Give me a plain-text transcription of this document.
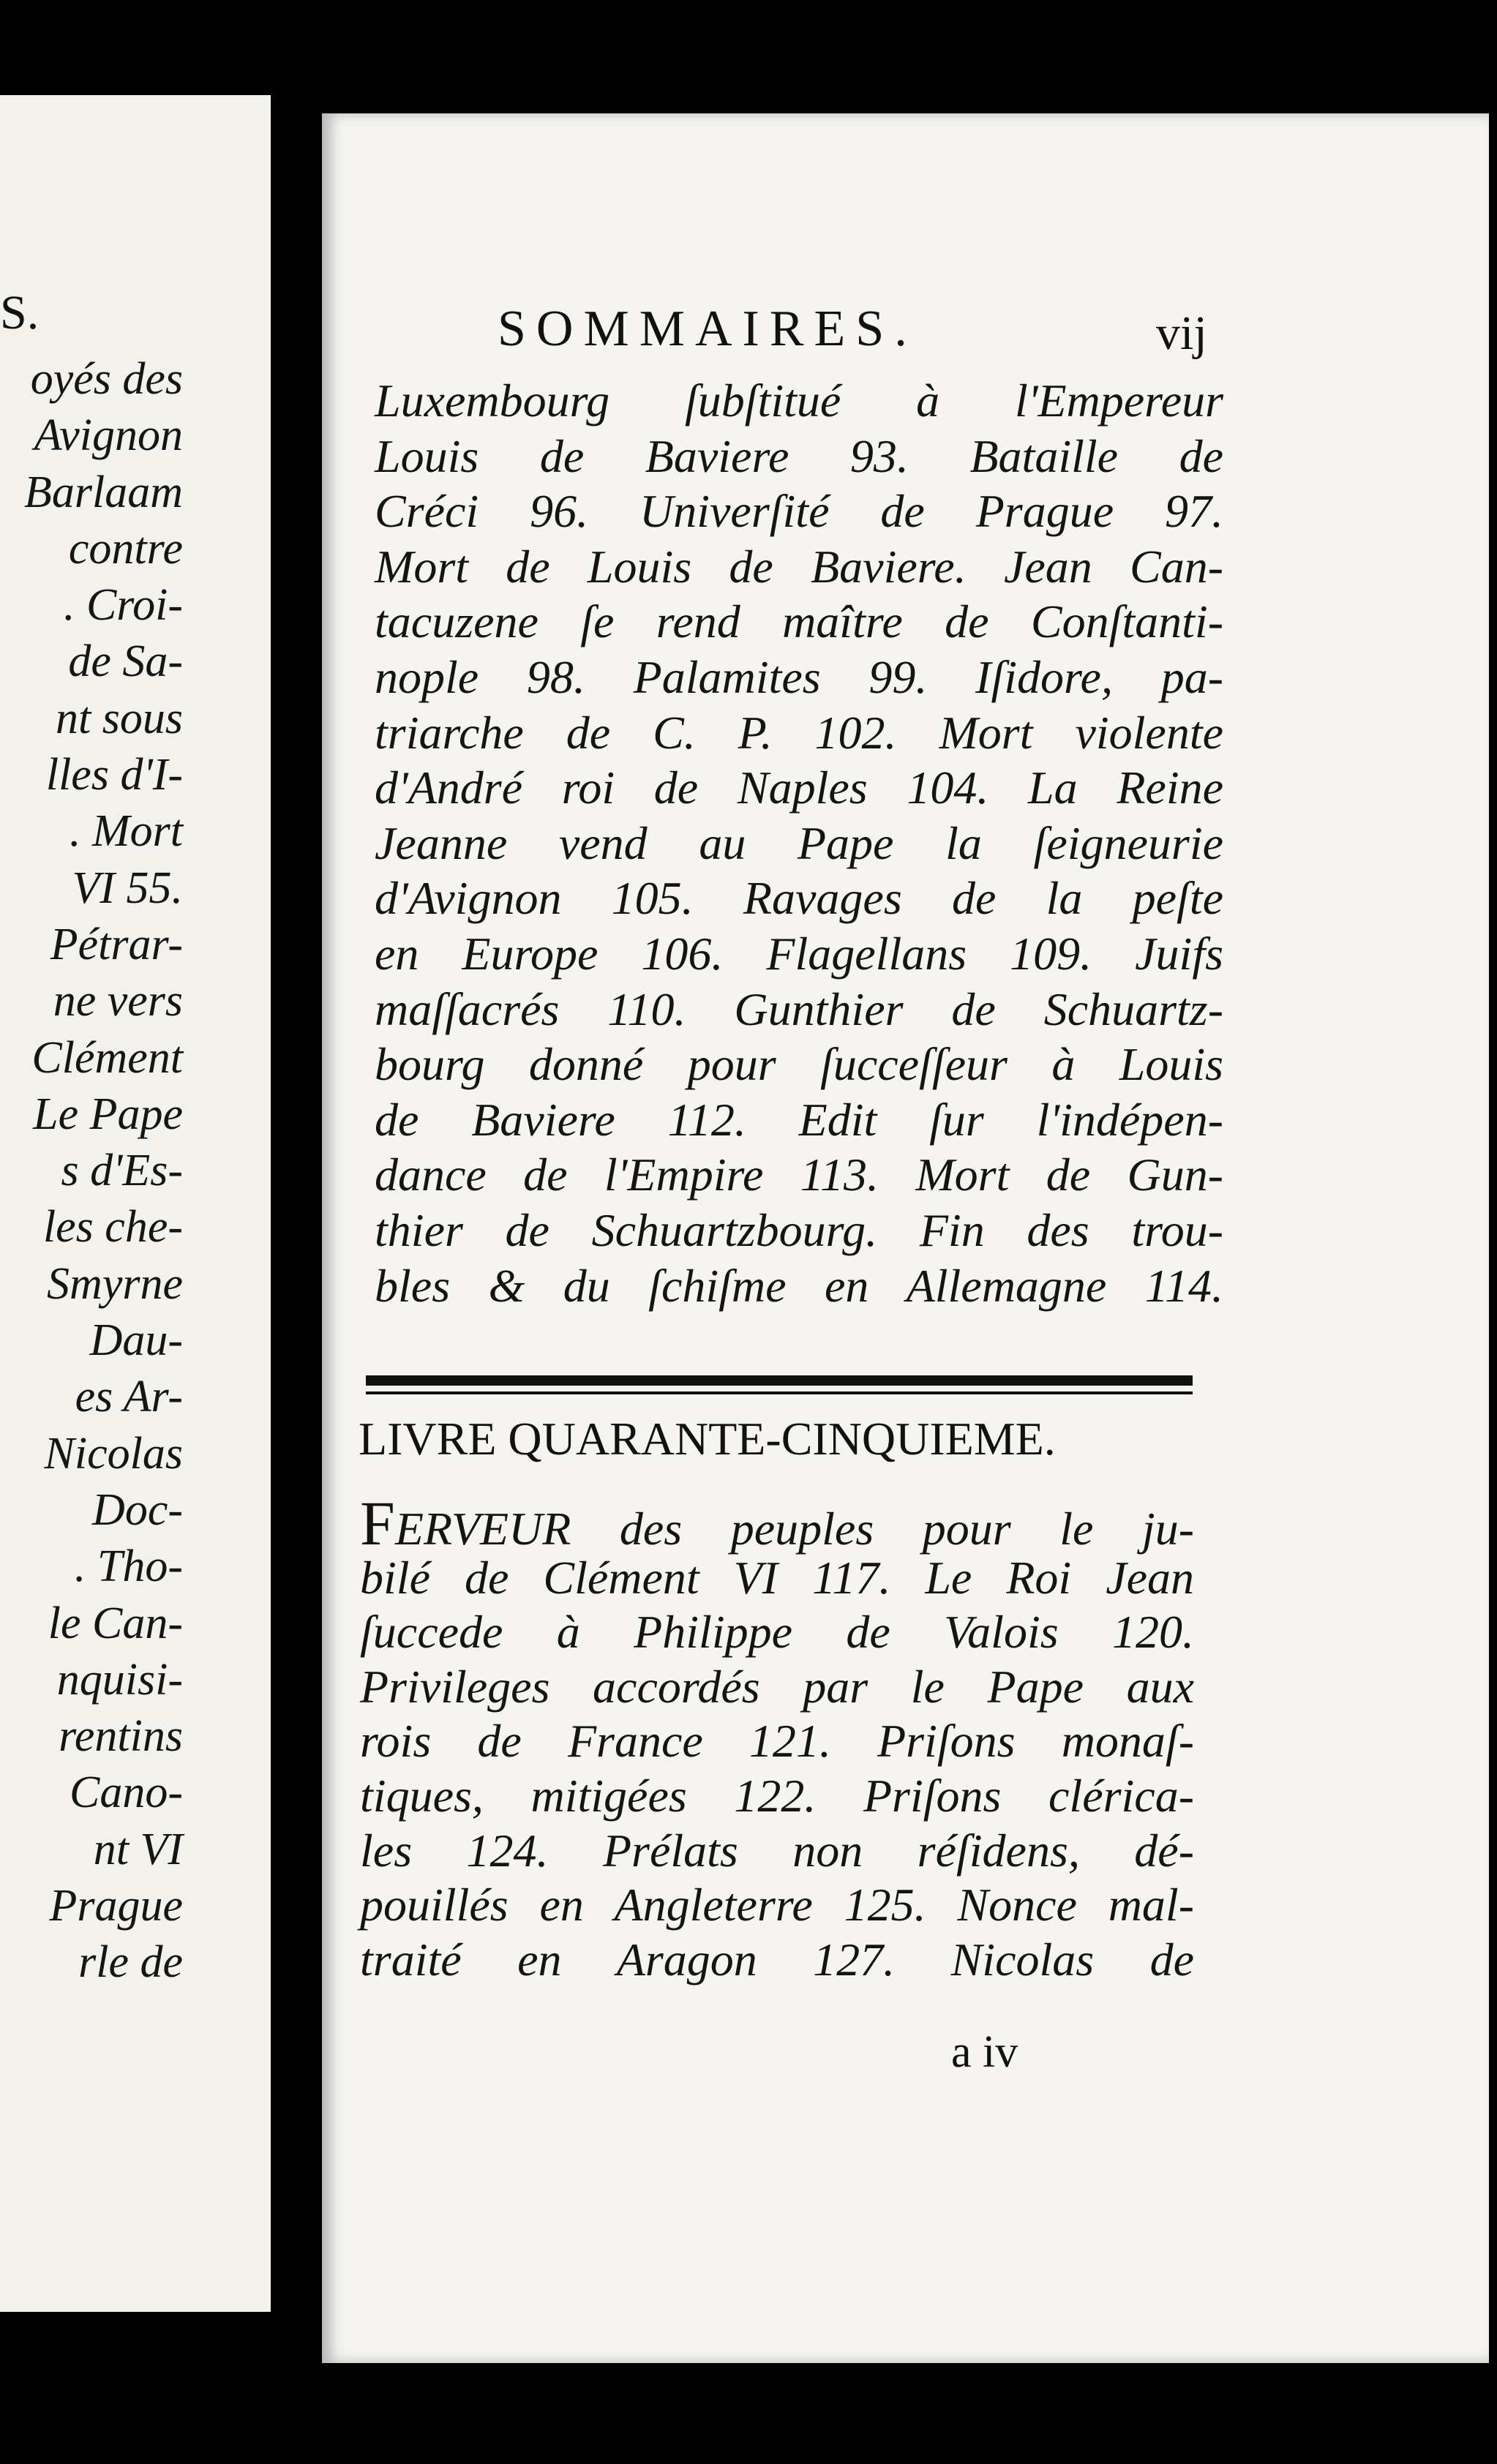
S.
oyés des
Avignon
Barlaam
contre
. Croi-
de Sa-
nt sous
lles d'I-
. Mort
VI 55.
Pétrar-
ne vers
Clément
Le Pape
s d'Es-
les che-
Smyrne
Dau-
es Ar-
Nicolas
Doc-
. Tho-
le Can-
nquisi-
rentins
Cano-
nt VI
Prague
rle de
SOMMAIRES.	vij
Luxembourg ſubſtitué à l'Empereur
Louis de Baviere 93. Bataille de
Créci 96. Univerſité de Prague 97.
Mort de Louis de Baviere. Jean Can-
tacuzene ſe rend maître de Conſtanti-
nople 98. Palamites 99. Iſidore, pa-
triarche de C. P. 102. Mort violente
d'André roi de Naples 104. La Reine
Jeanne vend au Pape la ſeigneurie
d'Avignon 105. Ravages de la peſte
en Europe 106. Flagellans 109. Juifs
maſſacrés 110. Gunthier de Schuartz-
bourg donné pour ſucceſſeur à Louis
de Baviere 112. Edit ſur l'indépen-
dance de l'Empire 113. Mort de Gun-
thier de Schuartzbourg. Fin des trou-
bles & du ſchiſme en Allemagne 114.
LIVRE QUARANTE-CINQUIEME.
FERVEUR des peuples pour le ju-
bilé de Clément VI 117. Le Roi Jean
ſuccede à Philippe de Valois 120.
Privileges accordés par le Pape aux
rois de France 121. Priſons monaſ-
tiques, mitigées 122. Priſons clérica-
les 124. Prélats non réſidens, dé-
pouillés en Angleterre 125. Nonce mal-
traité en Aragon 127. Nicolas de
a iv
